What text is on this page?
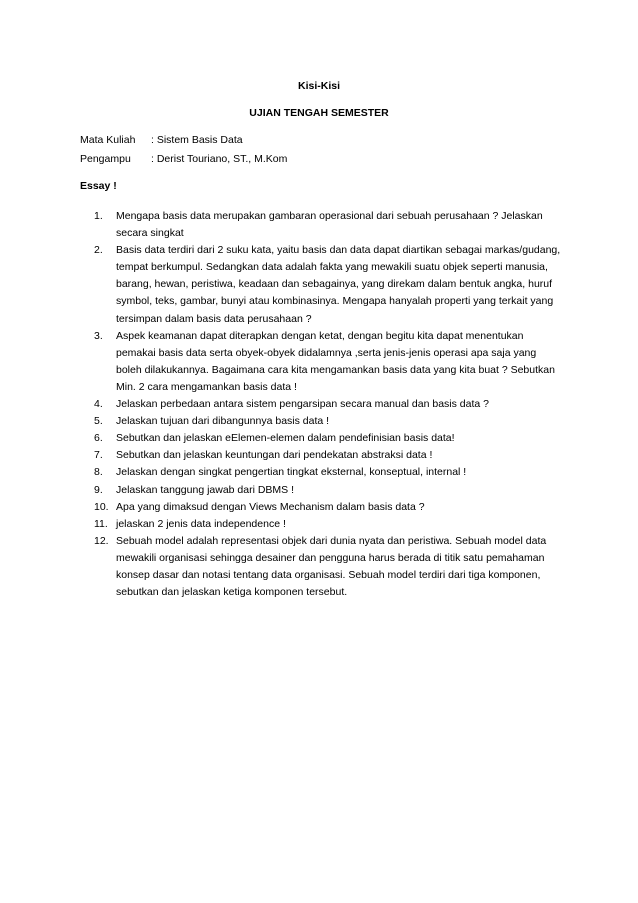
Kisi-Kisi

UJIAN TENGAH SEMESTER

Mata Kuliah : Sistem Basis Data
Pengampu : Derist Touriano, ST., M.Kom
Essay !
1. Mengapa basis data merupakan gambaran operasional dari sebuah perusahaan ? Jelaskan secara singkat
2. Basis data terdiri dari 2 suku kata, yaitu basis dan data dapat diartikan sebagai markas/gudang, tempat berkumpul. Sedangkan data adalah fakta yang mewakili suatu objek seperti manusia, barang, hewan, peristiwa, keadaan dan sebagainya, yang direkam dalam bentuk angka, huruf symbol, teks, gambar, bunyi atau kombinasinya. Mengapa hanyalah properti yang terkait yang tersimpan dalam basis data perusahaan ?
3. Aspek keamanan dapat diterapkan dengan ketat, dengan begitu kita dapat menentukan pemakai basis data serta obyek-obyek didalamnya ,serta jenis-jenis operasi apa saja yang boleh dilakukannya. Bagaimana cara kita mengamankan basis data yang kita buat ? Sebutkan Min. 2 cara mengamankan basis data !
4. Jelaskan perbedaan antara sistem pengarsipan secara manual dan basis data ?
5. Jelaskan tujuan dari dibangunnya basis data !
6. Sebutkan dan jelaskan eElemen-elemen dalam pendefinisian basis data!
7. Sebutkan dan jelaskan keuntungan dari pendekatan abstraksi data !
8. Jelaskan dengan singkat pengertian tingkat eksternal, konseptual, internal !
9. Jelaskan tanggung jawab dari DBMS !
10. Apa yang dimaksud dengan Views Mechanism dalam basis data ?
11. jelaskan 2 jenis data independence !
12. Sebuah model adalah representasi objek dari dunia nyata dan peristiwa. Sebuah model data mewakili organisasi sehingga desainer dan pengguna harus berada di titik satu pemahaman konsep dasar dan notasi tentang data organisasi. Sebuah model terdiri dari tiga komponen, sebutkan dan jelaskan ketiga komponen tersebut.
